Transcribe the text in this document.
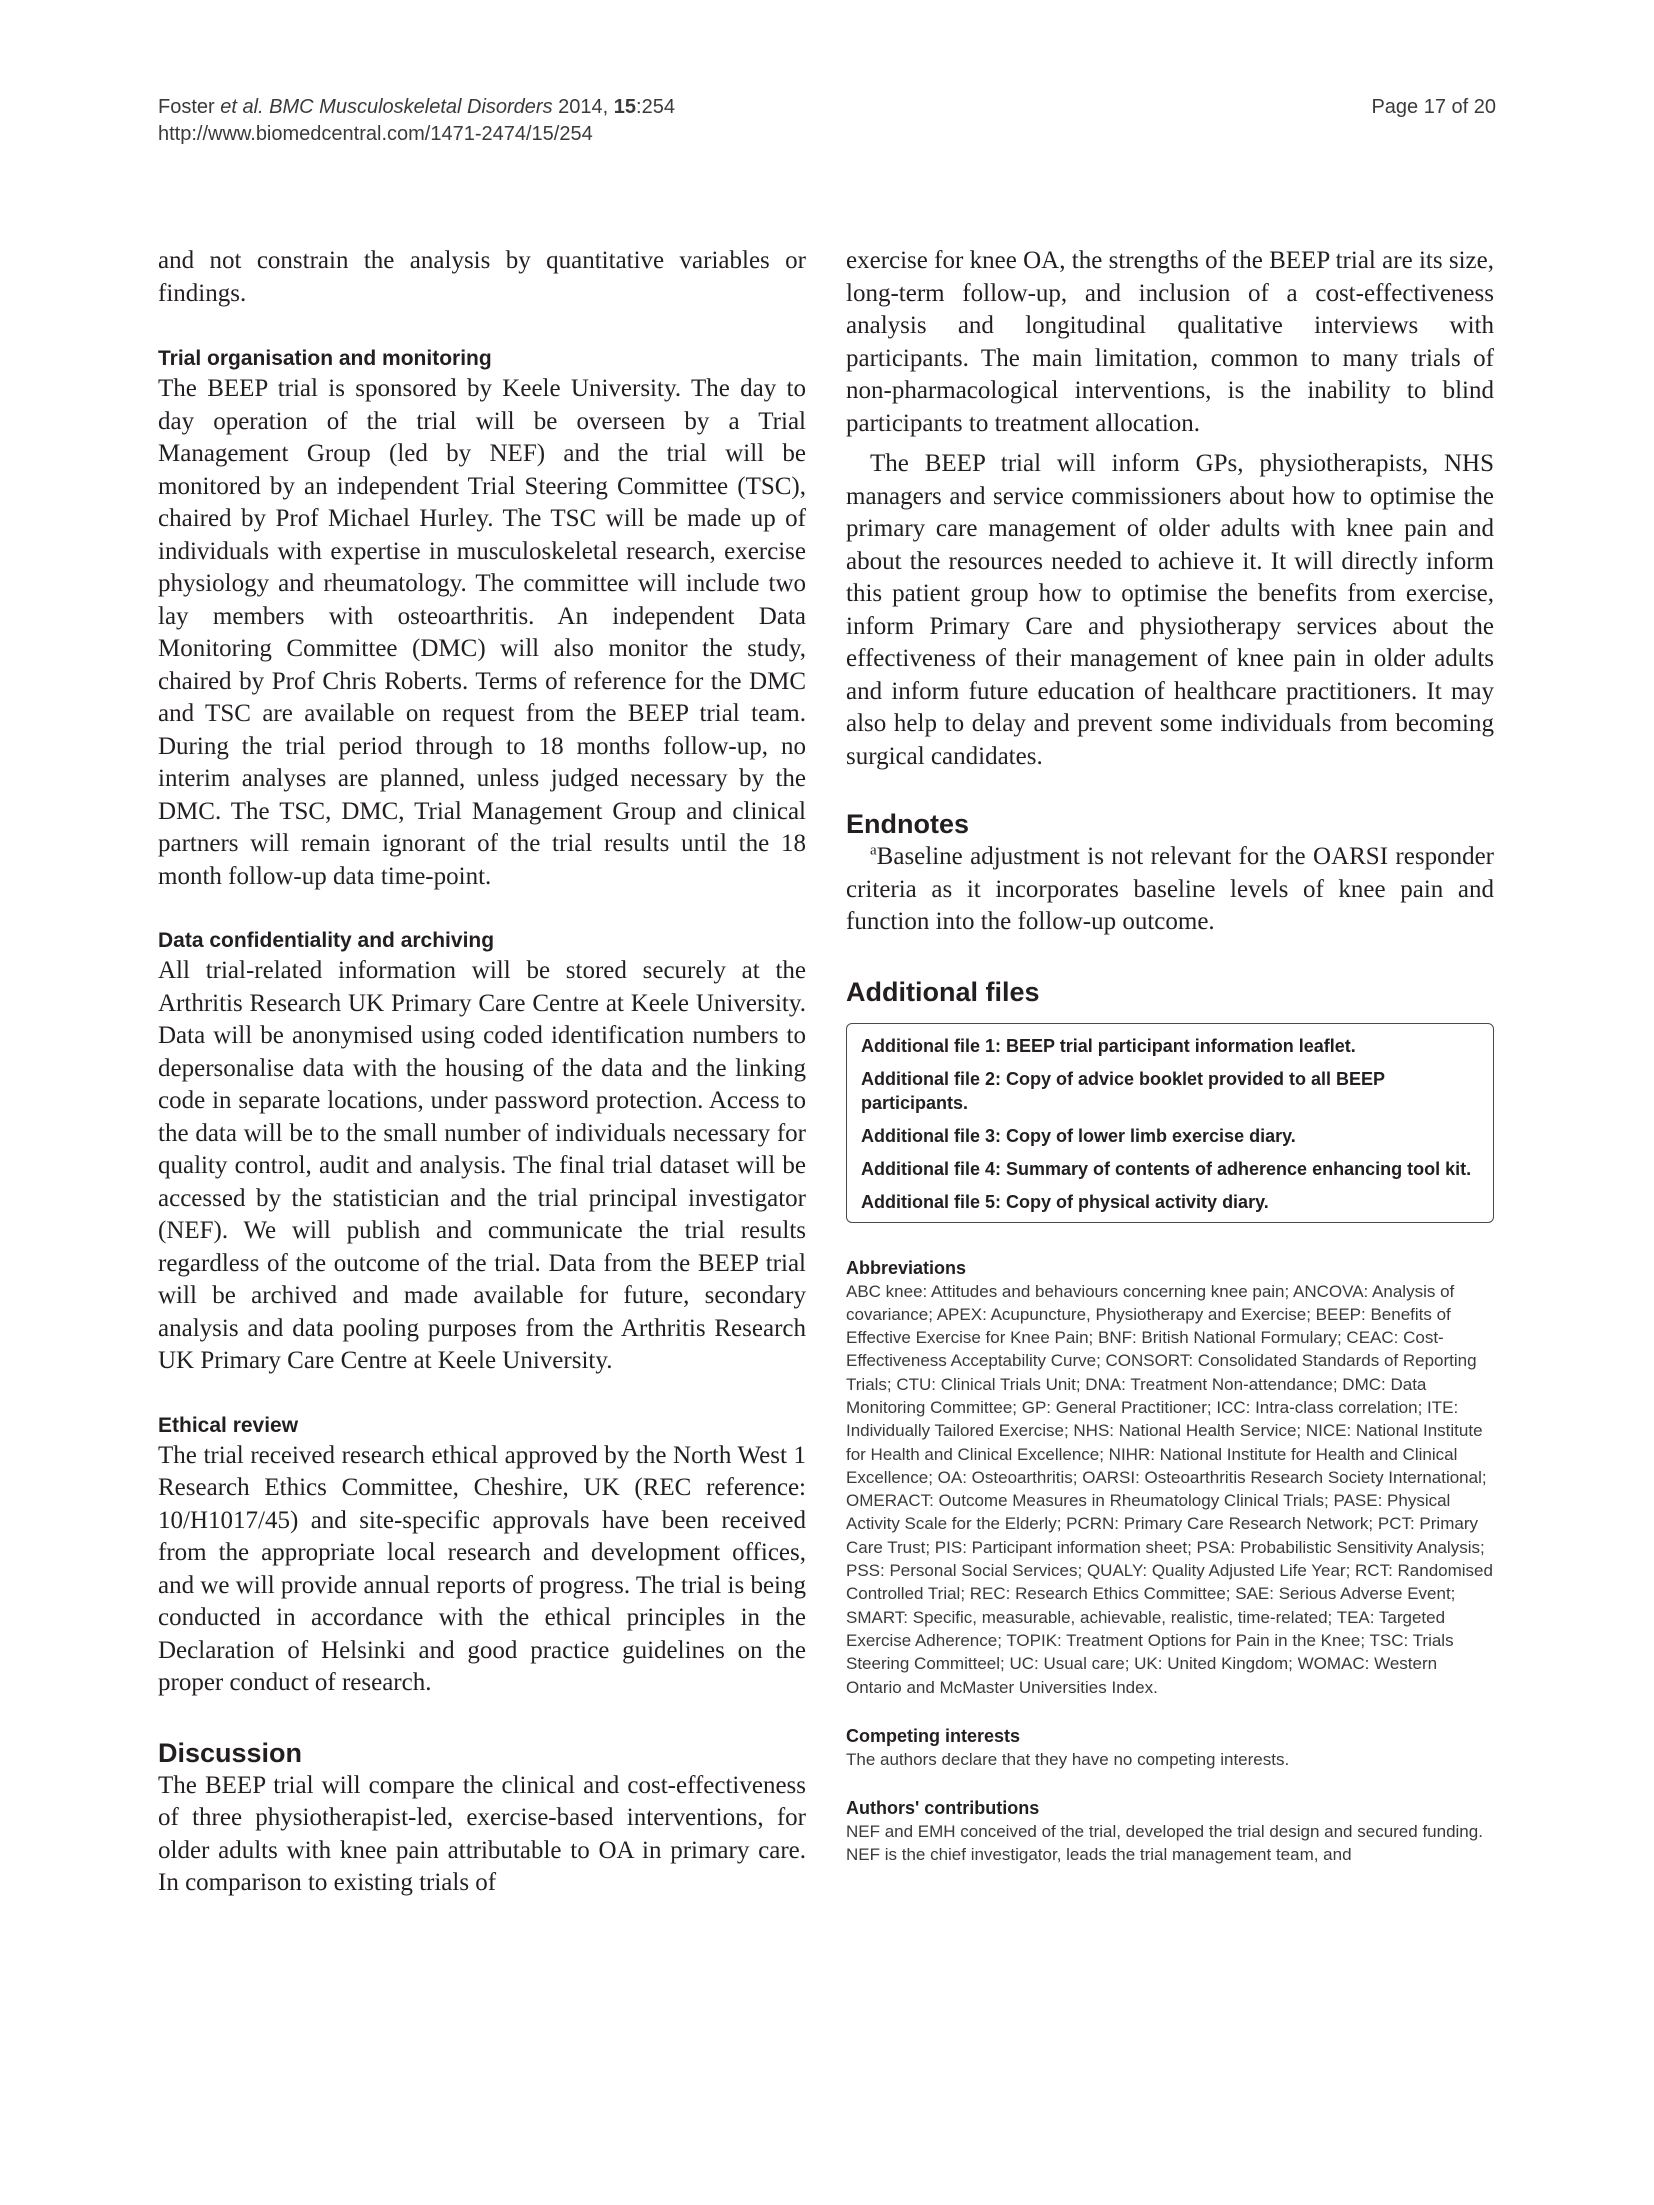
Foster et al. BMC Musculoskeletal Disorders 2014, 15:254
http://www.biomedcentral.com/1471-2474/15/254
Page 17 of 20

and not constrain the analysis by quantitative variables or findings.

Trial organisation and monitoring

The BEEP trial is sponsored by Keele University. The day to day operation of the trial will be overseen by a Trial Management Group (led by NEF) and the trial will be monitored by an independent Trial Steering Committee (TSC), chaired by Prof Michael Hurley. The TSC will be made up of individuals with expertise in musculoskeletal research, exercise physiology and rheumatology. The committee will include two lay members with osteoarthritis. An independent Data Monitoring Committee (DMC) will also monitor the study, chaired by Prof Chris Roberts. Terms of reference for the DMC and TSC are available on request from the BEEP trial team. During the trial period through to 18 months follow-up, no interim analyses are planned, unless judged necessary by the DMC. The TSC, DMC, Trial Management Group and clinical partners will remain ignorant of the trial results until the 18 month follow-up data time-point.

Data confidentiality and archiving

All trial-related information will be stored securely at the Arthritis Research UK Primary Care Centre at Keele University. Data will be anonymised using coded identification numbers to depersonalise data with the housing of the data and the linking code in separate locations, under password protection. Access to the data will be to the small number of individuals necessary for quality control, audit and analysis. The final trial dataset will be accessed by the statistician and the trial principal investigator (NEF). We will publish and communicate the trial results regardless of the outcome of the trial. Data from the BEEP trial will be archived and made available for future, secondary analysis and data pooling purposes from the Arthritis Research UK Primary Care Centre at Keele University.

Ethical review

The trial received research ethical approved by the North West 1 Research Ethics Committee, Cheshire, UK (REC reference: 10/H1017/45) and site-specific approvals have been received from the appropriate local research and development offices, and we will provide annual reports of progress. The trial is being conducted in accordance with the ethical principles in the Declaration of Helsinki and good practice guidelines on the proper conduct of research.

Discussion

The BEEP trial will compare the clinical and cost-effectiveness of three physiotherapist-led, exercise-based interventions, for older adults with knee pain attributable to OA in primary care. In comparison to existing trials of

exercise for knee OA, the strengths of the BEEP trial are its size, long-term follow-up, and inclusion of a cost-effectiveness analysis and longitudinal qualitative interviews with participants. The main limitation, common to many trials of non-pharmacological interventions, is the inability to blind participants to treatment allocation.

The BEEP trial will inform GPs, physiotherapists, NHS managers and service commissioners about how to optimise the primary care management of older adults with knee pain and about the resources needed to achieve it. It will directly inform this patient group how to optimise the benefits from exercise, inform Primary Care and physiotherapy services about the effectiveness of their management of knee pain in older adults and inform future education of healthcare practitioners. It may also help to delay and prevent some individuals from becoming surgical candidates.

Endnotes

$^a$Baseline adjustment is not relevant for the OARSI responder criteria as it incorporates baseline levels of knee pain and function into the follow-up outcome.

Additional files
Additional file 1: BEEP trial participant information leaflet.
Additional file 2: Copy of advice booklet provided to all BEEP participants.
Additional file 3: Copy of lower limb exercise diary.
Additional file 4: Summary of contents of adherence enhancing tool kit.
Additional file 5: Copy of physical activity diary.
Abbreviations

ABC knee: Attitudes and behaviours concerning knee pain; ANCOVA: Analysis of covariance; APEX: Acupuncture, Physiotherapy and Exercise; BEEP: Benefits of Effective Exercise for Knee Pain; BNF: British National Formulary; CEAC: Cost-Effectiveness Acceptability Curve; CONSORT: Consolidated Standards of Reporting Trials; CTU: Clinical Trials Unit; DNA: Treatment Non-attendance; DMC: Data Monitoring Committee; GP: General Practitioner; ICC: Intra-class correlation; ITE: Individually Tailored Exercise; NHS: National Health Service; NICE: National Institute for Health and Clinical Excellence; NIHR: National Institute for Health and Clinical Excellence; OA: Osteoarthritis; OARSI: Osteoarthritis Research Society International; OMERACT: Outcome Measures in Rheumatology Clinical Trials; PASE: Physical Activity Scale for the Elderly; PCRN: Primary Care Research Network; PCT: Primary Care Trust; PIS: Participant information sheet; PSA: Probabilistic Sensitivity Analysis; PSS: Personal Social Services; QUALY: Quality Adjusted Life Year; RCT: Randomised Controlled Trial; REC: Research Ethics Committee; SAE: Serious Adverse Event; SMART: Specific, measurable, achievable, realistic, time-related; TEA: Targeted Exercise Adherence; TOPIK: Treatment Options for Pain in the Knee; TSC: Trials Steering Committeel; UC: Usual care; UK: United Kingdom; WOMAC: Western Ontario and McMaster Universities Index.

Competing interests

The authors declare that they have no competing interests.

Authors' contributions

NEF and EMH conceived of the trial, developed the trial design and secured funding. NEF is the chief investigator, leads the trial management team, and
